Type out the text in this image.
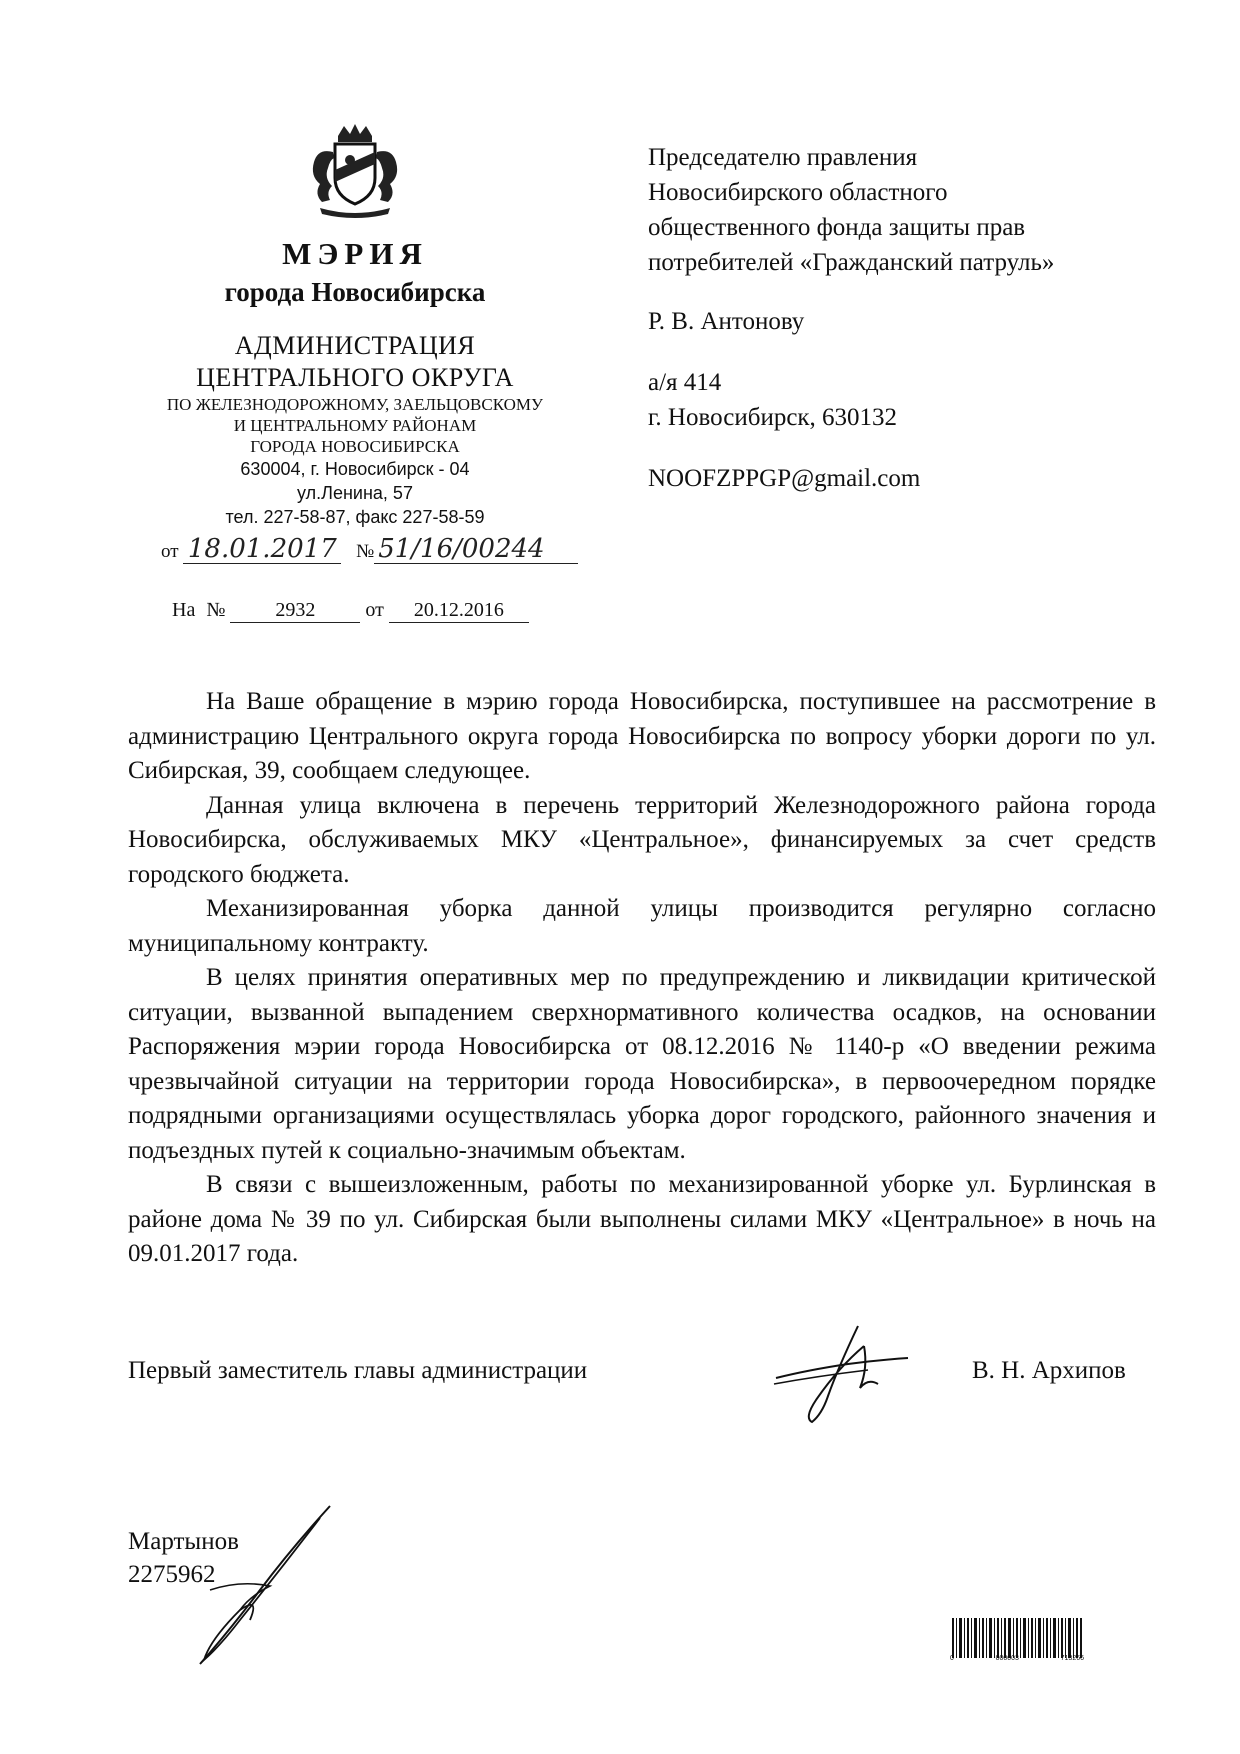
МЭРИЯ
города Новосибирска
АДМИНИСТРАЦИЯ
ЦЕНТРАЛЬНОГО ОКРУГА
ПО ЖЕЛЕЗНОДОРОЖНОМУ, ЗАЕЛЬЦОВСКОМУ
И ЦЕНТРАЛЬНОМУ РАЙОНАМ
ГОРОДА НОВОСИБИРСКА
630004, г. Новосибирск - 04
ул.Ленина, 57
тел. 227-58-87, факс 227-58-59
от 18.01.2017 № 51/16/00244
На №	2932	от 20.12.2016

Председателю правления

Новосибирского областного

общественного фонда защиты прав

потребителей «Гражданский патруль»

Р. В. Антонову

а/я 414

г. Новосибирск, 630132

NOOFZPPGP@gmail.com

На Ваше обращение в мэрию города Новосибирска, поступившее на рассмотрение в администрацию Центрального округа города Новосибирска по вопросу уборки дороги по ул. Сибирская, 39, сообщаем следующее.

Данная улица включена в перечень территорий Железнодорожного района города Новосибирска, обслуживаемых МКУ «Центральное», финансируемых за счет средств городского бюджета.

Механизированная уборка данной улицы производится регулярно согласно муниципальному контракту.

В целях принятия оперативных мер по предупреждению и ликвидации критической ситуации, вызванной выпадением сверхнормативного количества осадков, на основании Распоряжения мэрии города Новосибирска от 08.12.2016 № 1140-р «О введении режима чрезвычайной ситуации на территории города Новосибирска», в первоочередном порядке подрядными организациями осуществлялась уборка дорог городского, районного значения и подъездных путей к социально-значимым объектам.

В связи с вышеизложенным, работы по механизированной уборке ул. Бурлинская в районе дома № 39 по ул. Сибирская были выполнены силами МКУ «Центральное» в ночь на 09.01.2017 года.

Первый заместитель главы администрации	В. Н. Архипов
Мартынов
2275962
0	000003	713266
